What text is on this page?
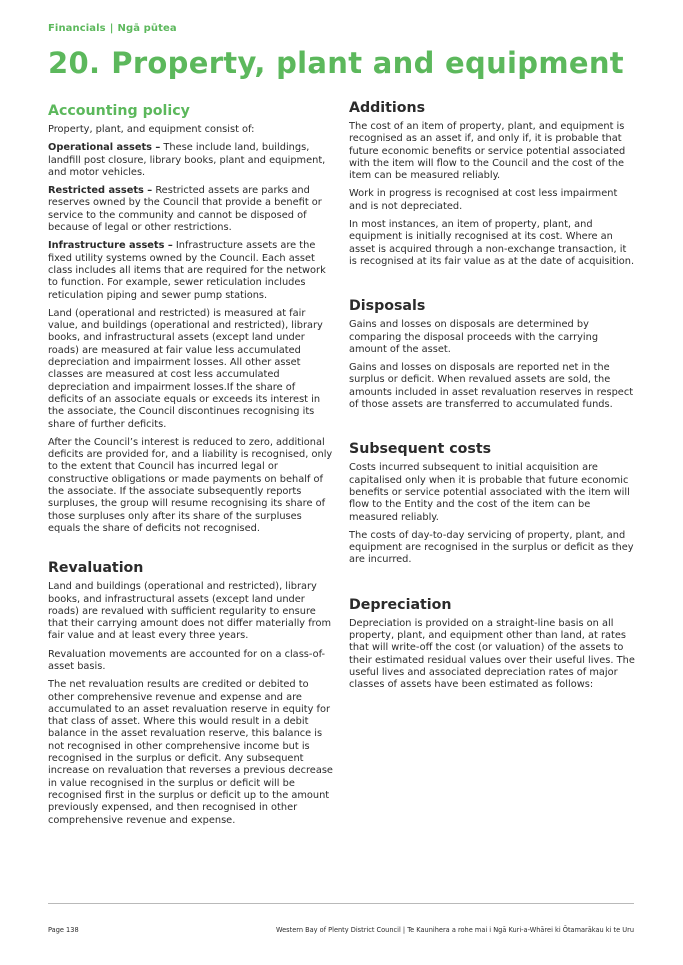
Financials | Ngā pūtea
20. Property, plant and equipment
Accounting policy

Property, plant, and equipment consist of:

Operational assets – These include land, buildings, landfill post closure, library books, plant and equipment, and motor vehicles.

Restricted assets – Restricted assets are parks and reserves owned by the Council that provide a benefit or service to the community and cannot be disposed of because of legal or other restrictions.

Infrastructure assets – Infrastructure assets are the fixed utility systems owned by the Council. Each asset class includes all items that are required for the network to function. For example, sewer reticulation includes reticulation piping and sewer pump stations.

Land (operational and restricted) is measured at fair value, and buildings (operational and restricted), library books, and infrastructural assets (except land under roads) are measured at fair value less accumulated depreciation and impairment losses. All other asset classes are measured at cost less accumulated depreciation and impairment losses.If the share of deficits of an associate equals or exceeds its interest in the associate, the Council discontinues recognising its share of further deficits.

After the Council’s interest is reduced to zero, additional deficits are provided for, and a liability is recognised, only to the extent that Council has incurred legal or constructive obligations or made payments on behalf of the associate. If the associate subsequently reports surpluses, the group will resume recognising its share of those surpluses only after its share of the surpluses equals the share of deficits not recognised.

Revaluation

Land and buildings (operational and restricted), library books, and infrastructural assets (except land under roads) are revalued with sufficient regularity to ensure that their carrying amount does not differ materially from fair value and at least every three years.

Revaluation movements are accounted for on a class-of-asset basis.

The net revaluation results are credited or debited to other comprehensive revenue and expense and are accumulated to an asset revaluation reserve in equity for that class of asset. Where this would result in a debit balance in the asset revaluation reserve, this balance is not recognised in other comprehensive income but is recognised in the surplus or deficit. Any subsequent increase on revaluation that reverses a previous decrease in value recognised in the surplus or deficit will be recognised first in the surplus or deficit up to the amount previously expensed, and then recognised in other comprehensive revenue and expense.

Additions

The cost of an item of property, plant, and equipment is recognised as an asset if, and only if, it is probable that future economic benefits or service potential associated with the item will flow to the Council and the cost of the item can be measured reliably.

Work in progress is recognised at cost less impairment and is not depreciated.

In most instances, an item of property, plant, and equipment is initially recognised at its cost. Where an asset is acquired through a non-exchange transaction, it is recognised at its fair value as at the date of acquisition.

Disposals

Gains and losses on disposals are determined by comparing the disposal proceeds with the carrying amount of the asset.

Gains and losses on disposals are reported net in the surplus or deficit. When revalued assets are sold, the amounts included in asset revaluation reserves in respect of those assets are transferred to accumulated funds.

Subsequent costs

Costs incurred subsequent to initial acquisition are capitalised only when it is probable that future economic benefits or service potential associated with the item will flow to the Entity and the cost of the item can be measured reliably.

The costs of day-to-day servicing of property, plant, and equipment are recognised in the surplus or deficit as they are incurred.

Depreciation

Depreciation is provided on a straight-line basis on all property, plant, and equipment other than land, at rates that will write-off the cost (or valuation) of the assets to their estimated residual values over their useful lives. The useful lives and associated depreciation rates of major classes of assets have been estimated as follows:

Page 138	Western Bay of Plenty District Council | Te Kaunihera a rohe mai i Ngā Kuri-a-Whārei ki Ōtamarākau ki te Uru
